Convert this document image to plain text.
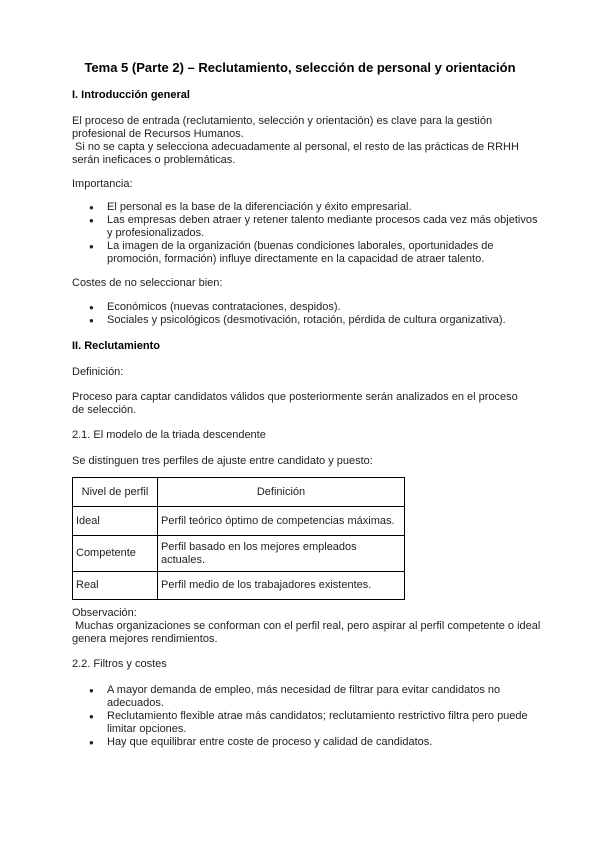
Tema 5 (Parte 2) – Reclutamiento, selección de personal y orientación
I. Introducción general
El proceso de entrada (reclutamiento, selección y orientación) es clave para la gestión profesional de Recursos Humanos.
Si no se capta y selecciona adecuadamente al personal, el resto de las prácticas de RRHH serán ineficaces o problemáticas.
Importancia:
● El personal es la base de la diferenciación y éxito empresarial.
● Las empresas deben atraer y retener talento mediante procesos cada vez más objetivos y profesionalizados.
● La imagen de la organización (buenas condiciones laborales, oportunidades de promoción, formación) influye directamente en la capacidad de atraer talento.
Costes de no seleccionar bien:
● Económicos (nuevas contrataciones, despidos).
● Sociales y psicológicos (desmotivación, rotación, pérdida de cultura organizativa).
II. Reclutamiento
Definición:
Proceso para captar candidatos válidos que posteriormente serán analizados en el proceso de selección.
2.1. El modelo de la triada descendente
Se distinguen tres perfiles de ajuste entre candidato y puesto:
Nivel de perfil	Definición
Ideal	Perfil teórico óptimo de competencias máximas.
Competente	Perfil basado en los mejores empleados actuales.
Real	Perfil medio de los trabajadores existentes.
Observación:
Muchas organizaciones se conforman con el perfil real, pero aspirar al perfil competente o ideal genera mejores rendimientos.
2.2. Filtros y costes
● A mayor demanda de empleo, más necesidad de filtrar para evitar candidatos no adecuados.
● Reclutamiento flexible atrae más candidatos; reclutamiento restrictivo filtra pero puede limitar opciones.
● Hay que equilibrar entre coste de proceso y calidad de candidatos.
